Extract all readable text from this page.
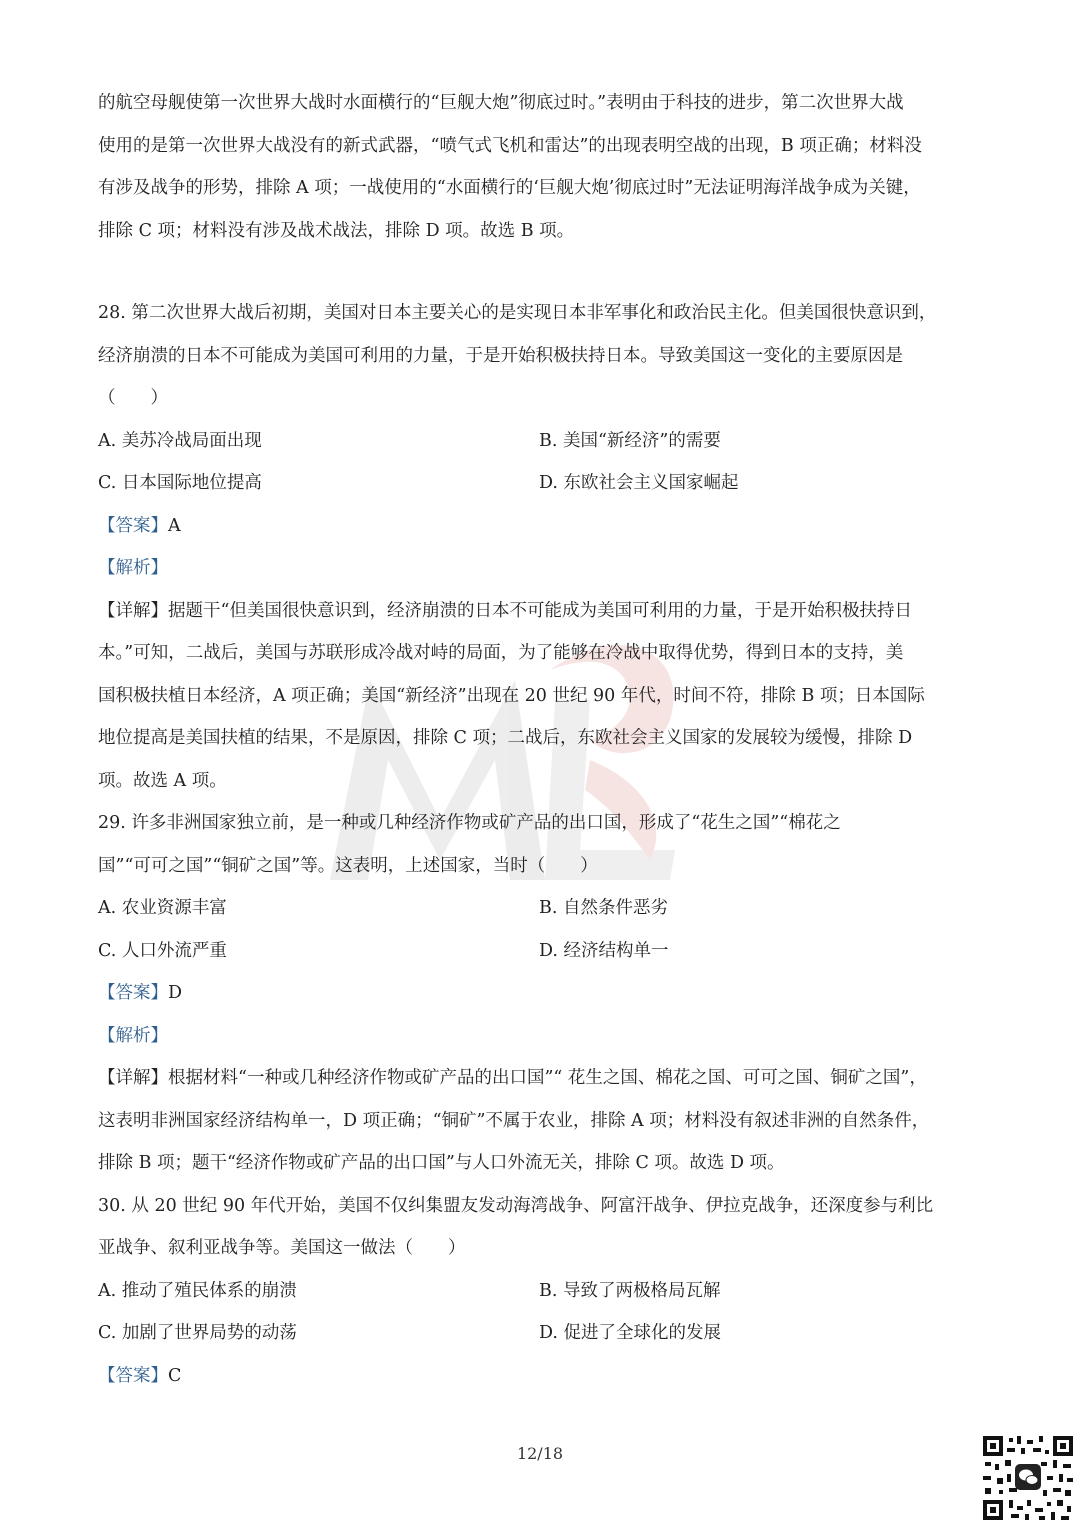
的航空母舰使第一次世界大战时水面横行的“巨舰大炮”彻底过时。”表明由于科技的进步，第二次世界大战

使用的是第一次世界大战没有的新式武器，“喷气式飞机和雷达”的出现表明空战的出现，B 项正确；材料没

有涉及战争的形势，排除 A 项；一战使用的“水面横行的‘巨舰大炮’彻底过时”无法证明海洋战争成为关键，

排除 C 项；材料没有涉及战术战法，排除 D 项。故选 B 项。

28. 第二次世界大战后初期，美国对日本主要关心的是实现日本非军事化和政治民主化。但美国很快意识到，

经济崩溃的日本不可能成为美国可利用的力量，于是开始积极扶持日本。导致美国这一变化的主要原因是

（　　）

A. 美苏冷战局面出现	B. 美国“新经济”的需要

C. 日本国际地位提高	D. 东欧社会主义国家崛起

【答案】A

【解析】

【详解】据题干“但美国很快意识到，经济崩溃的日本不可能成为美国可利用的力量，于是开始积极扶持日

本。”可知，二战后，美国与苏联形成冷战对峙的局面，为了能够在冷战中取得优势，得到日本的支持，美

国积极扶植日本经济，A 项正确；美国“新经济”出现在 20 世纪 90 年代，时间不符，排除 B 项；日本国际

地位提高是美国扶植的结果，不是原因，排除 C 项；二战后，东欧社会主义国家的发展较为缓慢，排除 D

项。故选 A 项。

29. 许多非洲国家独立前，是一种或几种经济作物或矿产品的出口国，形成了“花生之国”“棉花之

国”“可可之国”“铜矿之国”等。这表明，上述国家，当时（　　）

A. 农业资源丰富	B. 自然条件恶劣

C. 人口外流严重	D. 经济结构单一

【答案】D

【解析】

【详解】根据材料“一种或几种经济作物或矿产品的出口国”“ 花生之国、棉花之国、可可之国、铜矿之国”，

这表明非洲国家经济结构单一，D 项正确；“铜矿”不属于农业，排除 A 项；材料没有叙述非洲的自然条件，

排除 B 项；题干“经济作物或矿产品的出口国”与人口外流无关，排除 C 项。故选 D 项。

30. 从 20 世纪 90 年代开始，美国不仅纠集盟友发动海湾战争、阿富汗战争、伊拉克战争，还深度参与利比

亚战争、叙利亚战争等。美国这一做法（　　）

A. 推动了殖民体系的崩溃	B. 导致了两极格局瓦解

C. 加剧了世界局势的动荡	D. 促进了全球化的发展

【答案】C

12/18
